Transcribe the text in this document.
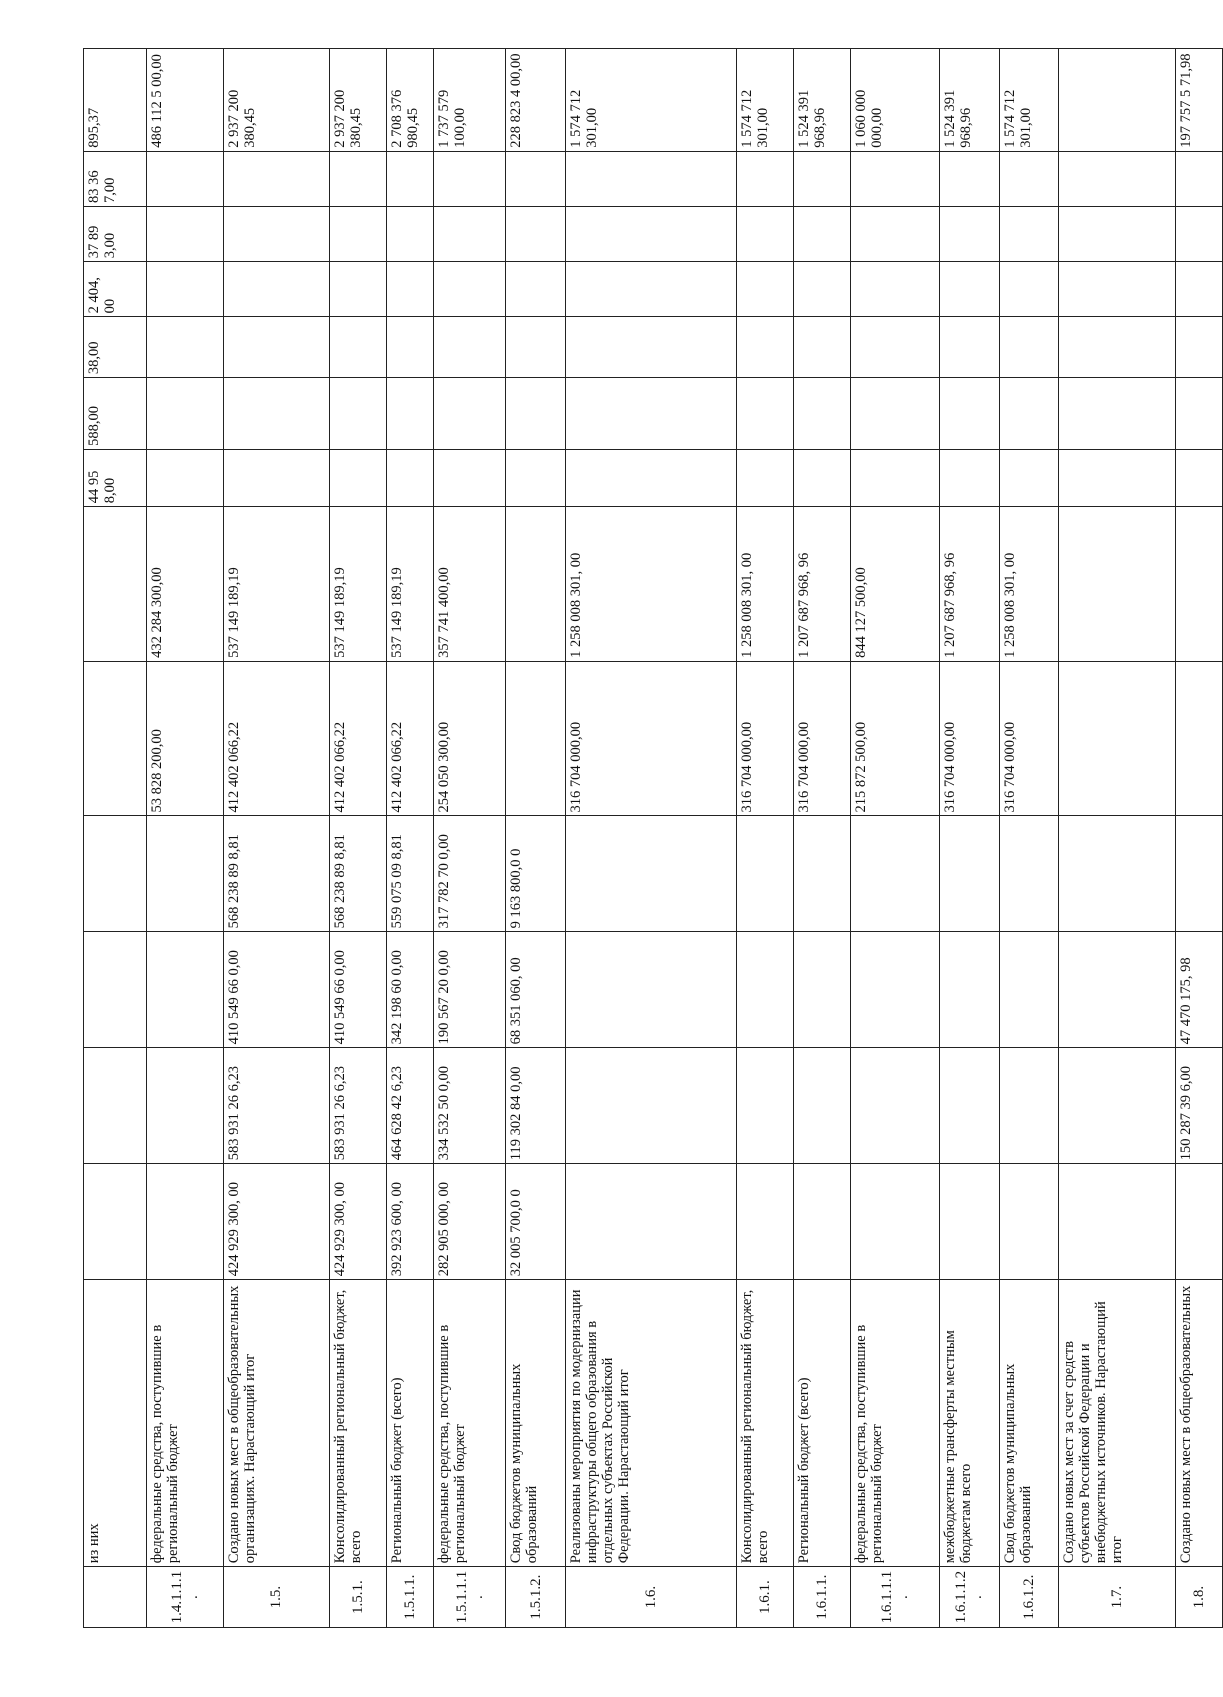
	из них							44 95 8,00	588,00	38,00	2 404, 00	37 89 3,00	83 36 7,00	895,37
1.4.1.1.1.	федеральные средства, поступившие в региональный бюджет					53 828 200,00	432 284 300,00							486 112 5 00,00
1.5.	Создано новых мест в общеобразовательных организациях. Нарастающий итог	424 929 300, 00	583 931 26 6,23	410 549 66 0,00	568 238 89 8,81	412 402 066,22	537 149 189,19							2 937 200 380,45
1.5.1.	Консолидированный региональный бюджет, всего	424 929 300, 00	583 931 26 6,23	410 549 66 0,00	568 238 89 8,81	412 402 066,22	537 149 189,19							2 937 200 380,45
1.5.1.1.	Региональный бюджет (всего)	392 923 600, 00	464 628 42 6,23	342 198 60 0,00	559 075 09 8,81	412 402 066,22	537 149 189,19							2 708 376 980,45
1.5.1.1.1.	федеральные средства, поступившие в региональный бюджет	282 905 000, 00	334 532 50 0,00	190 567 20 0,00	317 782 70 0,00	254 050 300,00	357 741 400,00							1 737 579 100,00
1.5.1.2.	Свод бюджетов муниципальных образований	32 005 700,0 0	119 302 84 0,00	68 351 060, 00	9 163 800,0 0									228 823 4 00,00
1.6.	Реализованы мероприятия по модернизации инфраструктуры общего образования в отдельных субъектах Российской Федерации. Нарастающий итог					316 704 000,00	1 258 008 301, 00							1 574 712 301,00
1.6.1.	Консолидированный региональный бюджет, всего					316 704 000,00	1 258 008 301, 00							1 574 712 301,00
1.6.1.1.	Региональный бюджет (всего)					316 704 000,00	1 207 687 968, 96							1 524 391 968,96
1.6.1.1.1.	федеральные средства, поступившие в региональный бюджет					215 872 500,00	844 127 500,00							1 060 000 000,00
1.6.1.1.2.	межбюджетные трансферты местным бюджетам всего					316 704 000,00	1 207 687 968, 96							1 524 391 968,96
1.6.1.2.	Свод бюджетов муниципальных образований					316 704 000,00	1 258 008 301, 00							1 574 712 301,00
1.7.	Создано новых мест за счет средств субъектов Российской Федерации и внебюджетных источников. Нарастающий итог													
1.8.	Создано новых мест в общеобразовательных		150 287 39 6,00	47 470 175, 98										197 757 5 71,98
